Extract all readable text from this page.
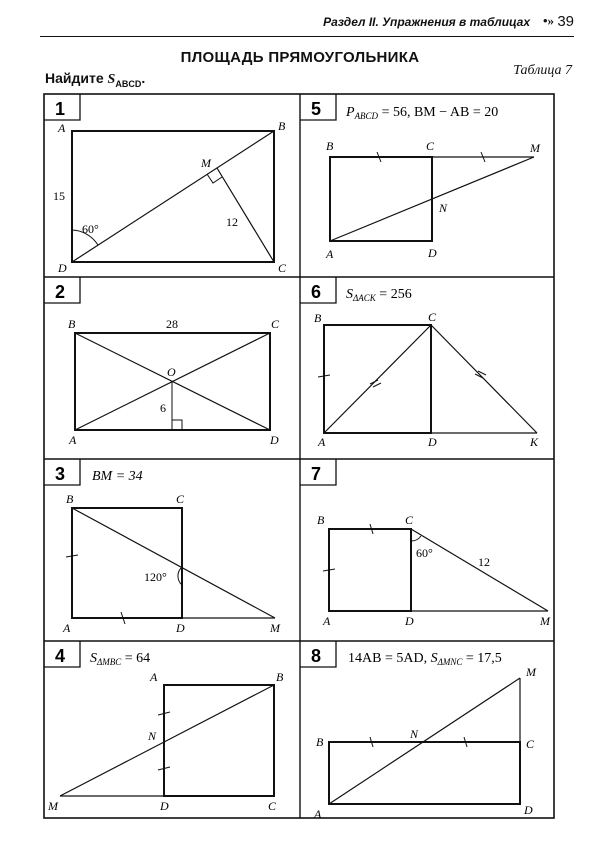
Раздел II. Упражнения в таблицах •» 39
ПЛОЩАДЬ ПРЯМОУГОЛЬНИКА
Таблица 7
Найдите $S_{ABCD}$.
1	5
2	6
3	7
4	8
A	B
M
D	C
15
60°	12
$P_{ABCD} = 56$, BM − AB = 20
B	C	M
N
A	D
B	C
O
A	D
28
6
$S_{\Delta ACK} = 256$
B	C
A	D	K
BM = 34
B	C
A	D	M
120°
B	C
A	D	M
60°
12
$S_{\Delta MBC} = 64$
A	B
N
M	D	C
14AB = 5AD, $S_{\Delta MNC} = 17,5$
M
B
N
C
A	D
